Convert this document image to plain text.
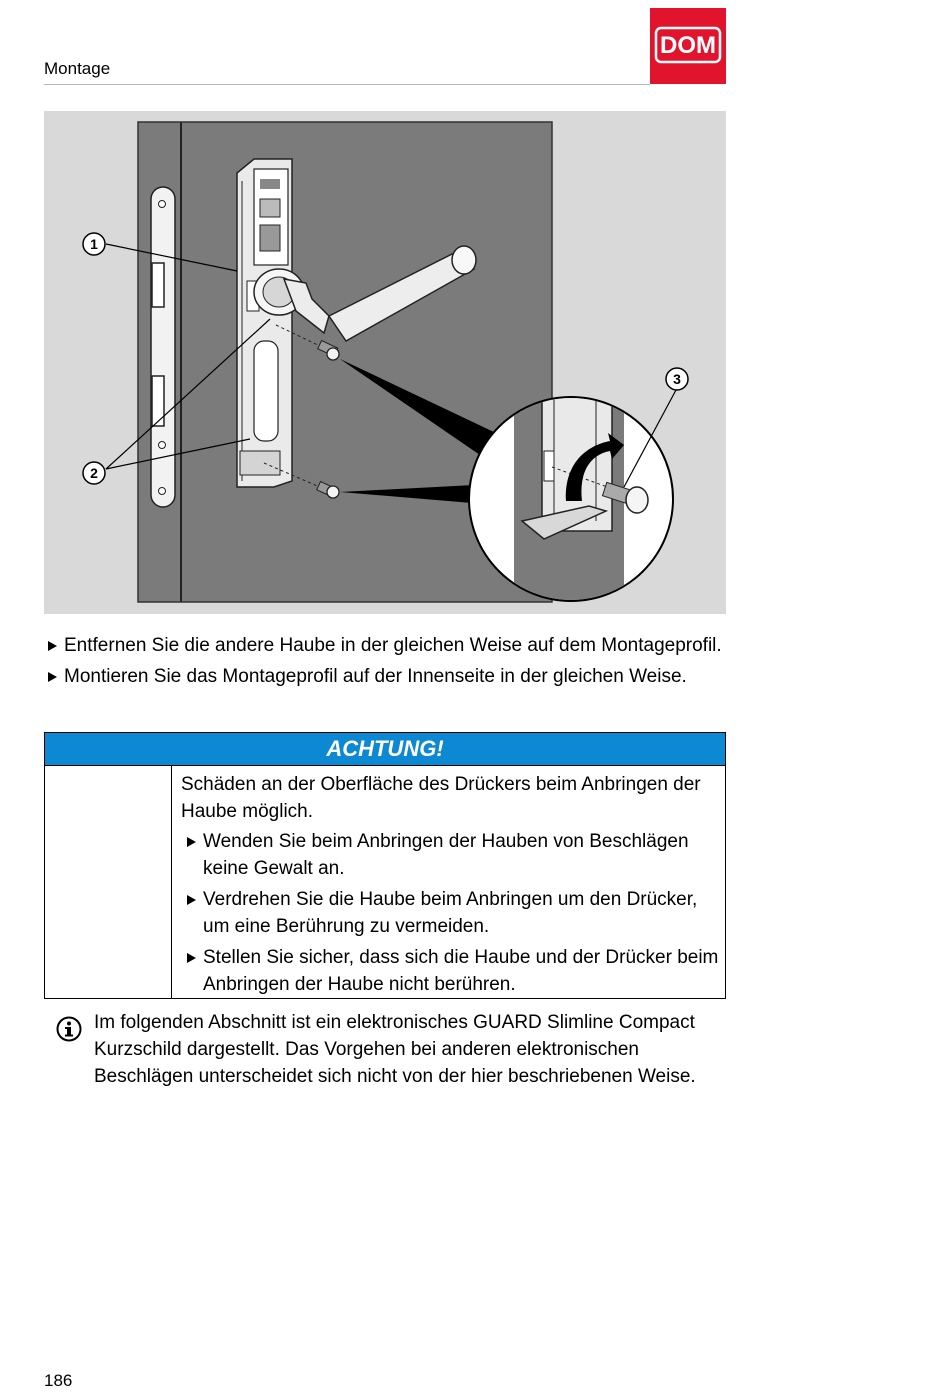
Montage
DOM
1
2
3
Entfernen Sie die andere Haube in der gleichen Weise auf dem Montageprofil.
Montieren Sie das Montageprofil auf der Innenseite in der gleichen Weise.
ACHTUNG!

Schäden an der Oberfläche des Drückers beim Anbringen der Haube möglich.

Wenden Sie beim Anbringen der Hauben von Beschlägen keine Gewalt an.
Verdrehen Sie die Haube beim Anbringen um den Drücker, um eine Berührung zu vermeiden.
Stellen Sie sicher, dass sich die Haube und der Drücker beim Anbringen der Haube nicht berühren.
Im folgenden Abschnitt ist ein elektronisches GUARD Slimline Compact Kurzschild dargestellt. Das Vorgehen bei anderen elektronischen Beschlägen unterscheidet sich nicht von der hier beschriebenen Weise.
186
